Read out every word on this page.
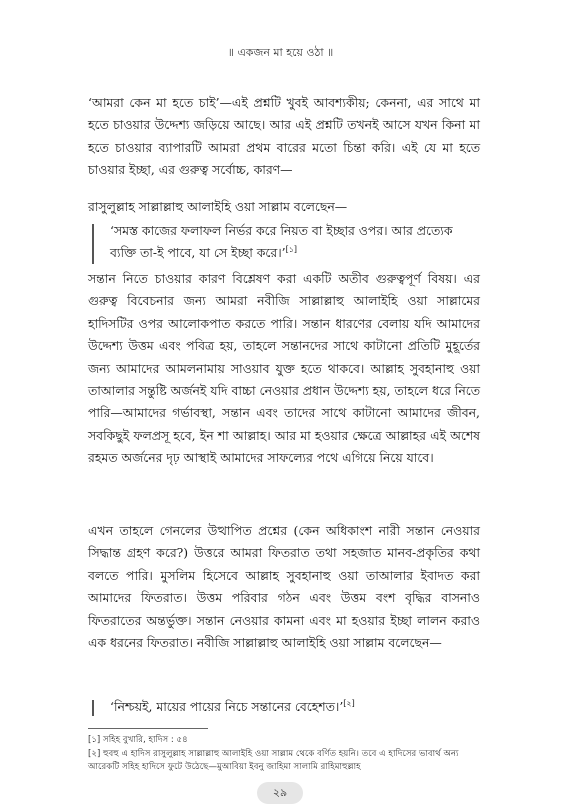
॥ একজন মা হয়ে ওঠা ॥

‘আমরা কেন মা হতে চাই’—এই প্রশ্নটি খুবই আবশ্যকীয়; কেননা, এর সাথে মা হতে চাওয়ার উদ্দেশ্য জড়িয়ে আছে। আর এই প্রশ্নটি তখনই আসে যখন কিনা মা হতে চাওয়ার ব্যাপারটি আমরা প্রথম বারের মতো চিন্তা করি। এই যে মা হতে চাওয়ার ইচ্ছা, এর গুরুত্ব সর্বোচ্চ, কারণ—

রাসুলুল্লাহ সাল্লাল্লাহু আলাইহি ওয়া সাল্লাম বলেছেন—

‘সমস্ত কাজের ফলাফল নির্ভর করে নিয়ত বা ইচ্ছার ওপর। আর প্রত্যেক ব্যক্তি তা-ই পাবে, যা সে ইচ্ছা করে।’[১]

সন্তান নিতে চাওয়ার কারণ বিশ্লেষণ করা একটি অতীব গুরুত্বপূর্ণ বিষয়। এর গুরুত্ব বিবেচনার জন্য আমরা নবীজি সাল্লাল্লাহু আলাইহি ওয়া সাল্লামের হাদিসটির ওপর আলোকপাত করতে পারি। সন্তান ধারণের বেলায় যদি আমাদের উদ্দেশ্য উত্তম এবং পবিত্র হয়, তাহলে সন্তানদের সাথে কাটানো প্রতিটি মুহূর্তের জন্য আমাদের আমলনামায় সাওয়াব যুক্ত হতে থাকবে। আল্লাহ সুবহানাহু ওয়া তাআলার সন্তুষ্টি অর্জনই যদি বাচ্চা নেওয়ার প্রধান উদ্দেশ্য হয়, তাহলে ধরে নিতে পারি—আমাদের গর্ভাবস্থা, সন্তান এবং তাদের সাথে কাটানো আমাদের জীবন, সবকিছুই ফলপ্রসূ হবে, ইন শা আল্লাহ। আর মা হওয়ার ক্ষেত্রে আল্লাহর এই অশেষ রহমত অর্জনের দৃঢ় আস্থাই আমাদের সাফল্যের পথে এগিয়ে নিয়ে যাবে।

এখন তাহলে গেনলের উত্থাপিত প্রশ্নের (কেন অধিকাংশ নারী সন্তান নেওয়ার সিদ্ধান্ত গ্রহণ করে?) উত্তরে আমরা ফিতরাত তথা সহজাত মানব-প্রকৃতির কথা বলতে পারি। মুসলিম হিসেবে আল্লাহ সুবহানাহু ওয়া তাআলার ইবাদত করা আমাদের ফিতরাত। উত্তম পরিবার গঠন এবং উত্তম বংশ বৃদ্ধির বাসনাও ফিতরাতের অন্তর্ভুক্ত। সন্তান নেওয়ার কামনা এবং মা হওয়ার ইচ্ছা লালন করাও এক ধরনের ফিতরাত। নবীজি সাল্লাল্লাহু আলাইহি ওয়া সাল্লাম বলেছেন—

‘নিশ্চয়ই, মায়ের পায়ের নিচে সন্তানের বেহেশত।’[২]

[১] সহিহ বুখারি, হাদিস : ৫৪

[২] হুবহু এ হাদিস রাসুলুল্লাহ সাল্লাল্লাহু আলাইহি ওয়া সাল্লাম থেকে বর্ণিত হয়নি। তবে এ হাদিসের ভাবার্থ অন্য আরেকটি সহিহ হাদিসে ফুটে উঠেছে—মুআবিয়া ইবনু জাহিমা সালামি রাহিমাহুল্লাহ

২৯
